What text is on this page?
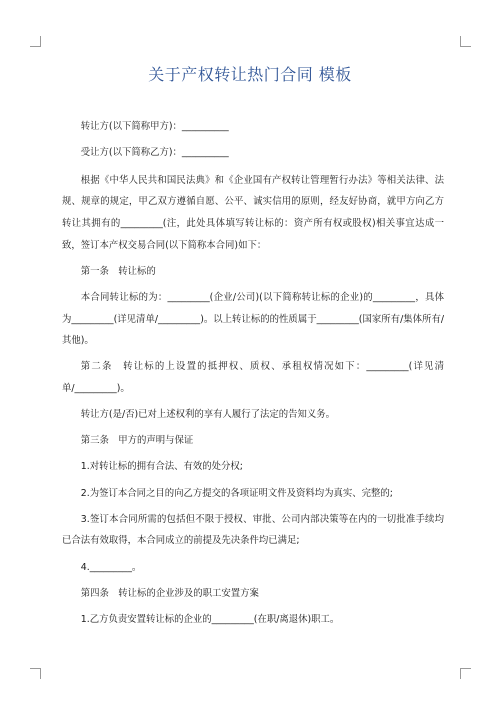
关于产权转让热门合同 模板

转让方(以下简称甲方)：__________

受让方(以下简称乙方)：__________

根据《中华人民共和国民法典》和《企业国有产权转让管理暂行办法》等相关法律、法规、规章的规定，甲乙双方遵循自愿、公平、诚实信用的原则，经友好协商，就甲方向乙方转让其拥有的_________(注，此处具体填写转让标的：资产所有权或股权)相关事宜达成一致，签订本产权交易合同(以下简称本合同)如下：

第一条　转让标的

本合同转让标的为：_________(企业/公司)(以下简称转让标的企业)的_________，具体为_________(详见清单/_________)。以上转让标的的性质属于_________(国家所有/集体所有/其他)。

第二条　转让标的上设置的抵押权、质权、承租权情况如下：_________(详见清单/_________)。

转让方(是/否)已对上述权利的享有人履行了法定的告知义务。

第三条　甲方的声明与保证

1.对转让标的拥有合法、有效的处分权;

2.为签订本合同之目的向乙方提交的各项证明文件及资料均为真实、完整的;

3.签订本合同所需的包括但不限于授权、审批、公司内部决策等在内的一切批准手续均已合法有效取得，本合同成立的前提及先决条件均已满足;

4._________。

第四条　转让标的企业涉及的职工安置方案

1.乙方负责安置转让标的企业的_________(在职/离退休)职工。
